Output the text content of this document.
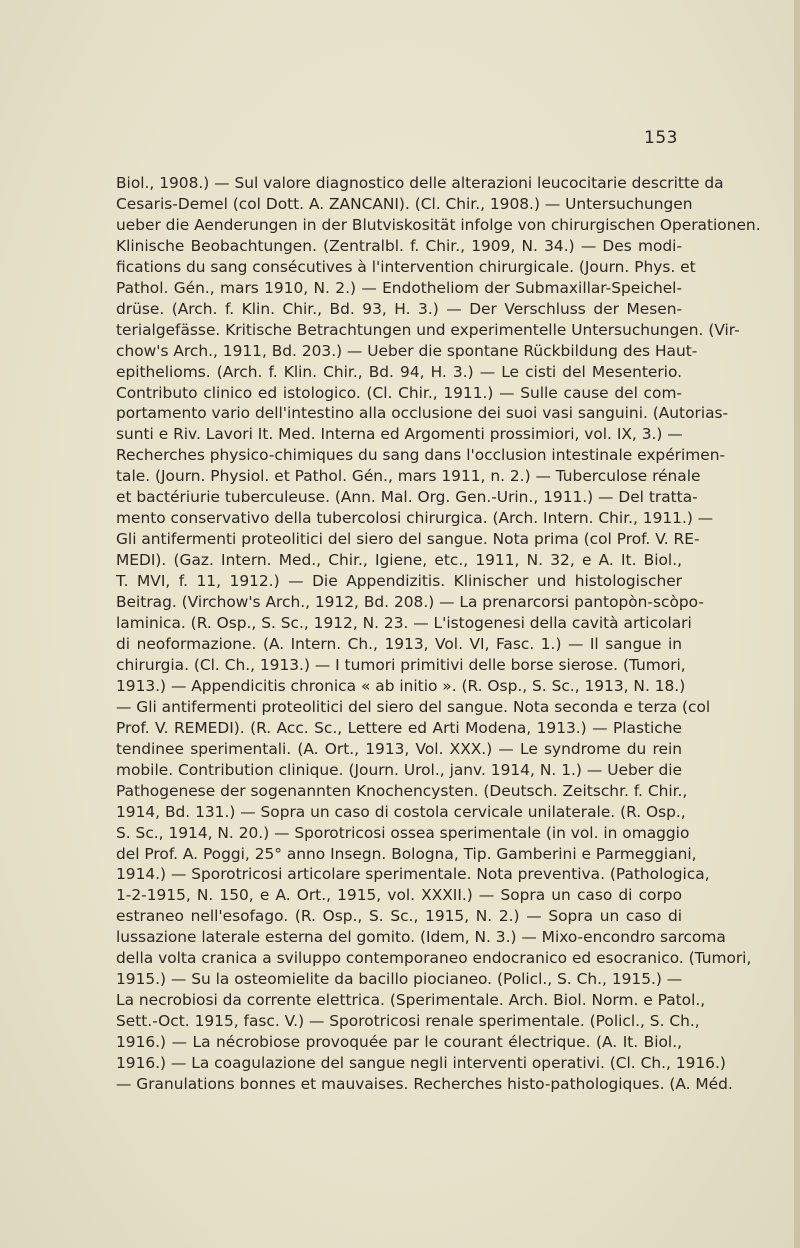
153
Biol., 1908.) — Sul valore diagnostico delle alterazioni leucocitarie descritte da
Cesaris-Demel (col Dott. A. ZANCANI). (Cl. Chir., 1908.) — Untersuchungen
ueber die Aenderungen in der Blutviskosität infolge von chirurgischen Operationen.
Klinische Beobachtungen. (Zentralbl. f. Chir., 1909, N. 34.) — Des modi-
fications du sang consécutives à l'intervention chirurgicale. (Journ. Phys. et
Pathol. Gén., mars 1910, N. 2.) — Endotheliom der Submaxillar-Speichel-
drüse. (Arch. f. Klin. Chir., Bd. 93, H. 3.) — Der Verschluss der Mesen-
terialgefässe. Kritische Betrachtungen und experimentelle Untersuchungen. (Vir-
chow's Arch., 1911, Bd. 203.) — Ueber die spontane Rückbildung des Haut-
epithelioms. (Arch. f. Klin. Chir., Bd. 94, H. 3.) — Le cisti del Mesenterio.
Contributo clinico ed istologico. (Cl. Chir., 1911.) — Sulle cause del com-
portamento vario dell'intestino alla occlusione dei suoi vasi sanguini. (Autorias-
sunti e Riv. Lavori It. Med. Interna ed Argomenti prossimiori, vol. IX, 3.) —
Recherches physico-chimiques du sang dans l'occlusion intestinale expérimen-
tale. (Journ. Physiol. et Pathol. Gén., mars 1911, n. 2.) — Tuberculose rénale
et bactériurie tuberculeuse. (Ann. Mal. Org. Gen.-Urin., 1911.) — Del tratta-
mento conservativo della tubercolosi chirurgica. (Arch. Intern. Chir., 1911.) —
Gli antifermenti proteolitici del siero del sangue. Nota prima (col Prof. V. RE-
MEDI). (Gaz. Intern. Med., Chir., Igiene, etc., 1911, N. 32, e A. It. Biol.,
T. MVI, f. 11, 1912.) — Die Appendizitis. Klinischer und histologischer
Beitrag. (Virchow's Arch., 1912, Bd. 208.) — La prenarcorsi pantopòn-scòpo-
laminica. (R. Osp., S. Sc., 1912, N. 23. — L'istogenesi della cavità articolari
di neoformazione. (A. Intern. Ch., 1913, Vol. VI, Fasc. 1.) — Il sangue in
chirurgia. (Cl. Ch., 1913.) — I tumori primitivi delle borse sierose. (Tumori,
1913.) — Appendicitis chronica « ab initio ». (R. Osp., S. Sc., 1913, N. 18.)
— Gli antifermenti proteolitici del siero del sangue. Nota seconda e terza (col
Prof. V. REMEDI). (R. Acc. Sc., Lettere ed Arti Modena, 1913.) — Plastiche
tendinee sperimentali. (A. Ort., 1913, Vol. XXX.) — Le syndrome du rein
mobile. Contribution clinique. (Journ. Urol., janv. 1914, N. 1.) — Ueber die
Pathogenese der sogenannten Knochencysten. (Deutsch. Zeitschr. f. Chir.,
1914, Bd. 131.) — Sopra un caso di costola cervicale unilaterale. (R. Osp.,
S. Sc., 1914, N. 20.) — Sporotricosi ossea sperimentale (in vol. in omaggio
del Prof. A. Poggi, 25° anno Insegn. Bologna, Tip. Gamberini e Parmeggiani,
1914.) — Sporotricosi articolare sperimentale. Nota preventiva. (Pathologica,
1-2-1915, N. 150, e A. Ort., 1915, vol. XXXII.) — Sopra un caso di corpo
estraneo nell'esofago. (R. Osp., S. Sc., 1915, N. 2.) — Sopra un caso di
lussazione laterale esterna del gomito. (Idem, N. 3.) — Mixo-encondro sarcoma
della volta cranica a sviluppo contemporaneo endocranico ed esocranico. (Tumori,
1915.) — Su la osteomielite da bacillo piocianeo. (Policl., S. Ch., 1915.) —
La necrobiosi da corrente elettrica. (Sperimentale. Arch. Biol. Norm. e Patol.,
Sett.-Oct. 1915, fasc. V.) — Sporotricosi renale sperimentale. (Policl., S. Ch.,
1916.) — La nécrobiose provoquée par le courant électrique. (A. It. Biol.,
1916.) — La coagulazione del sangue negli interventi operativi. (Cl. Ch., 1916.)
— Granulations bonnes et mauvaises. Recherches histo-pathologiques. (A. Méd.
